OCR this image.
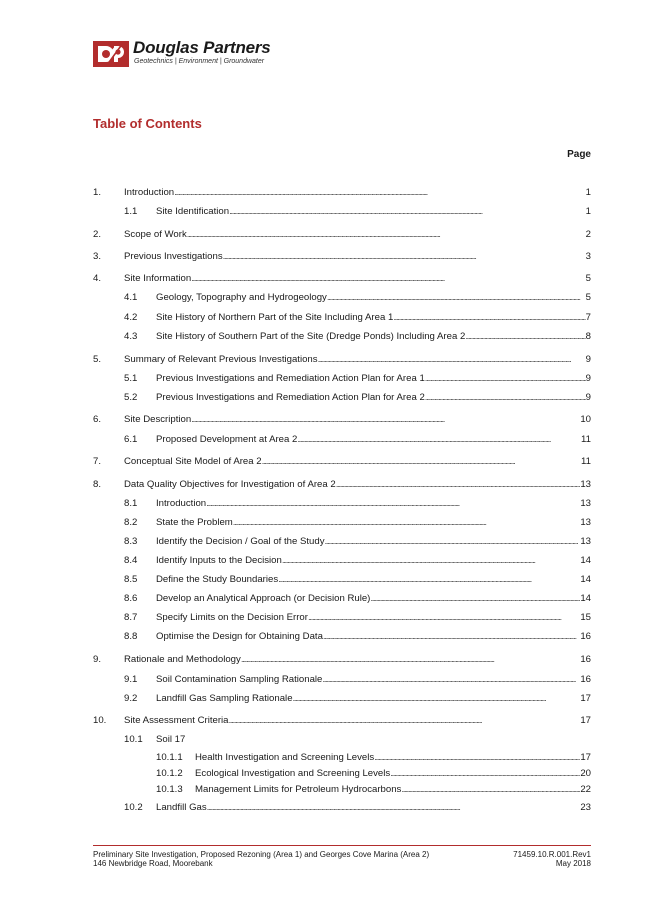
Douglas Partners
Geotechnics | Environment | Groundwater
Table of Contents
Page
1. Introduction . . .	1
1.1 Site Identification . . .	1
2. Scope of Work . . .	2
3. Previous Investigations . . .	3
4. Site Information . . .	5
4.1 Geology, Topography and Hydrogeology . . .	5
4.2 Site History of Northern Part of the Site Including Area 1 . . .	7
4.3 Site History of Southern Part of the Site (Dredge Ponds) Including Area 2 . . .	8
5. Summary of Relevant Previous Investigations . . .	9
5.1 Previous Investigations and Remediation Action Plan for Area 1 . . .	9
5.2 Previous Investigations and Remediation Action Plan for Area 2 . . .	9
6. Site Description . . .	10
6.1 Proposed Development at Area 2 . . .	11
7. Conceptual Site Model of Area 2 . . .	11
8. Data Quality Objectives for Investigation of Area 2 . . .	13
8.1 Introduction . . .	13
8.2 State the Problem . . .	13
8.3 Identify the Decision / Goal of the Study . . .	13
8.4 Identify Inputs to the Decision . . .	14
8.5 Define the Study Boundaries . . .	14
8.6 Develop an Analytical Approach (or Decision Rule) . . .	14
8.7 Specify Limits on the Decision Error . . .	15
8.8 Optimise the Design for Obtaining Data . . .	16
9. Rationale and Methodology . . .	16
9.1 Soil Contamination Sampling Rationale . . .	16
9.2 Landfill Gas Sampling Rationale . . .	17
10. Site Assessment Criteria . . .	17
10.1 Soil 17
10.1.1 Health Investigation and Screening Levels . . .	17
10.1.2 Ecological Investigation and Screening Levels . . .	20
10.1.3 Management Limits for Petroleum Hydrocarbons . . .	22
10.2 Landfill Gas . . .	23
Preliminary Site Investigation, Proposed Rezoning (Area 1) and Georges Cove Marina (Area 2)
146 Newbridge Road, Moorebank
71459.10.R.001.Rev1
May 2018
